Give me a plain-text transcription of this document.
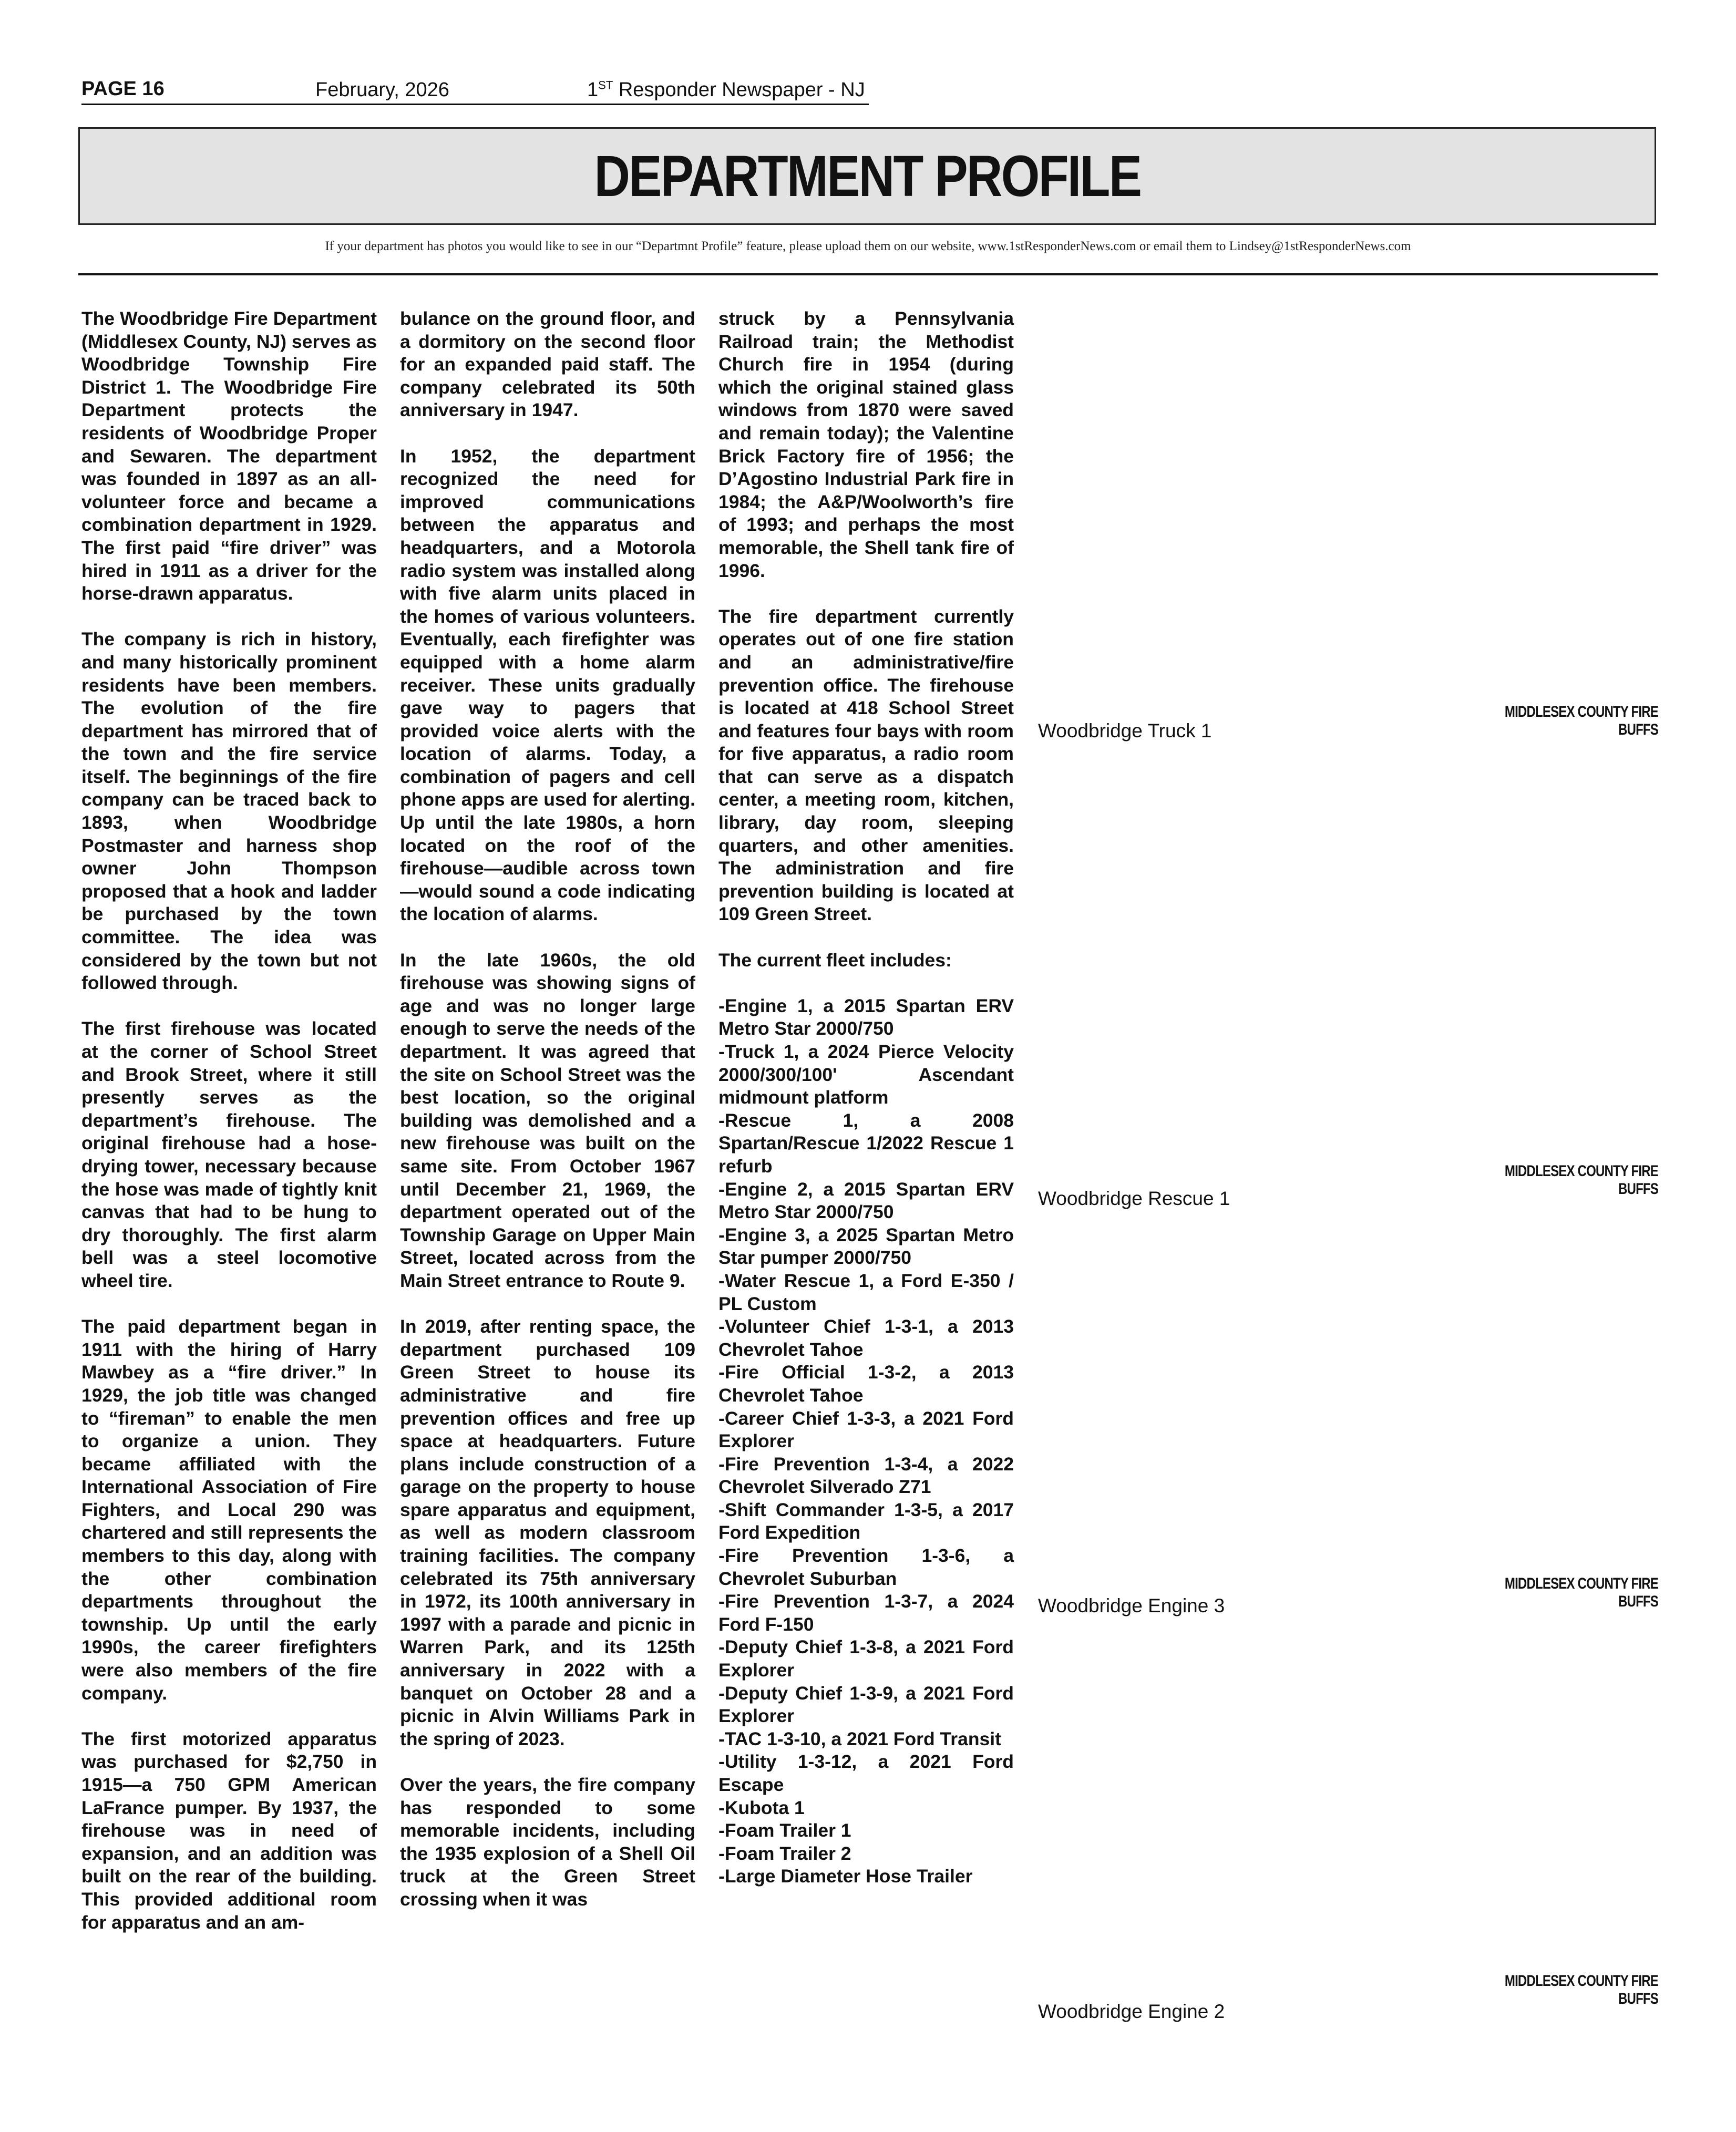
PAGE 16	February, 2026	1ST Responder Newspaper - NJ
DEPARTMENT PROFILE
If your department has photos you would like to see in our “Departmnt Profile” feature, please upload them on our website, www.1stResponderNews.com or email them to Lindsey@1stResponderNews.com

The Woodbridge Fire Department (Middlesex County, NJ) serves as Woodbridge Township Fire District 1. The Woodbridge Fire Department protects the residents of Woodbridge Proper and Sewaren. The department was founded in 1897 as an all-volunteer force and became a combination department in 1929. The first paid “fire driver” was hired in 1911 as a driver for the horse-drawn apparatus.

The company is rich in history, and many historically prominent residents have been members. The evolution of the fire department has mirrored that of the town and the fire service itself. The beginnings of the fire company can be traced back to 1893, when Woodbridge Postmaster and harness shop owner John Thompson proposed that a hook and ladder be purchased by the town committee. The idea was considered by the town but not followed through.

The first firehouse was located at the corner of School Street and Brook Street, where it still presently serves as the department’s firehouse. The original firehouse had a hose-drying tower, necessary because the hose was made of tightly knit canvas that had to be hung to dry thoroughly. The first alarm bell was a steel locomotive wheel tire.

The paid department began in 1911 with the hiring of Harry Mawbey as a “fire driver.” In 1929, the job title was changed to “fireman” to enable the men to organize a union. They became affiliated with the International Association of Fire Fighters, and Local 290 was chartered and still represents the members to this day, along with the other combination departments throughout the township. Up until the early 1990s, the career firefighters were also members of the fire company.

The first motorized apparatus was purchased for $2,750 in 1915—a 750 GPM American LaFrance pumper. By 1937, the firehouse was in need of expansion, and an addition was built on the rear of the building. This provided additional room for apparatus and an am-

bulance on the ground floor, and a dormitory on the second floor for an expanded paid staff. The company celebrated its 50th anniversary in 1947.

In 1952, the department recognized the need for improved communications between the apparatus and headquarters, and a Motorola radio system was installed along with five alarm units placed in the homes of various volunteers. Eventually, each firefighter was equipped with a home alarm receiver. These units gradually gave way to pagers that provided voice alerts with the location of alarms. Today, a combination of pagers and cell phone apps are used for alerting. Up until the late 1980s, a horn located on the roof of the firehouse—audible across town—would sound a code indicating the location of alarms.

In the late 1960s, the old firehouse was showing signs of age and was no longer large enough to serve the needs of the department. It was agreed that the site on School Street was the best location, so the original building was demolished and a new firehouse was built on the same site. From October 1967 until December 21, 1969, the department operated out of the Township Garage on Upper Main Street, located across from the Main Street entrance to Route 9.

In 2019, after renting space, the department purchased 109 Green Street to house its administrative and fire prevention offices and free up space at headquarters. Future plans include construction of a garage on the property to house spare apparatus and equipment, as well as modern classroom training facilities. The company celebrated its 75th anniversary in 1972, its 100th anniversary in 1997 with a parade and picnic in Warren Park, and its 125th anniversary in 2022 with a banquet on October 28 and a picnic in Alvin Williams Park in the spring of 2023.

Over the years, the fire company has responded to some memorable incidents, including the 1935 explosion of a Shell Oil truck at the Green Street crossing when it was

struck by a Pennsylvania Railroad train; the Methodist Church fire in 1954 (during which the original stained glass windows from 1870 were saved and remain today); the Valentine Brick Factory fire of 1956; the D’Agostino Industrial Park fire in 1984; the A&P/Woolworth’s fire of 1993; and perhaps the most memorable, the Shell tank fire of 1996.

The fire department currently operates out of one fire station and an administrative/fire prevention office. The firehouse is located at 418 School Street and features four bays with room for five apparatus, a radio room that can serve as a dispatch center, a meeting room, kitchen, library, day room, sleeping quarters, and other amenities. The administration and fire prevention building is located at 109 Green Street.

The current fleet includes:

-Engine 1, a 2015 Spartan ERV Metro Star 2000/750
-Truck 1, a 2024 Pierce Velocity 2000/300/100' Ascendant midmount platform
-Rescue 1, a 2008 Spartan/Rescue 1/2022 Rescue 1 refurb
-Engine 2, a 2015 Spartan ERV Metro Star 2000/750
-Engine 3, a 2025 Spartan Metro Star pumper 2000/750
-Water Rescue 1, a Ford E-350 / PL Custom
-Volunteer Chief 1-3-1, a 2013 Chevrolet Tahoe
-Fire Official 1-3-2, a 2013 Chevrolet Tahoe
-Career Chief 1-3-3, a 2021 Ford Explorer
-Fire Prevention 1-3-4, a 2022 Chevrolet Silverado Z71
-Shift Commander 1-3-5, a 2017 Ford Expedition
-Fire Prevention 1-3-6, a Chevrolet Suburban
-Fire Prevention 1-3-7, a 2024 Ford F-150
-Deputy Chief 1-3-8, a 2021 Ford Explorer
-Deputy Chief 1-3-9, a 2021 Ford Explorer
-TAC 1-3-10, a 2021 Ford Transit
-Utility 1-3-12, a 2021 Ford Escape
-Kubota 1
-Foam Trailer 1
-Foam Trailer 2
-Large Diameter Hose Trailer
MIDDLESEX COUNTY FIRE BUFFS
Woodbridge Truck 1
MIDDLESEX COUNTY FIRE BUFFS
Woodbridge Rescue 1
MIDDLESEX COUNTY FIRE BUFFS
Woodbridge Engine 3
MIDDLESEX COUNTY FIRE BUFFS
Woodbridge Engine 2
